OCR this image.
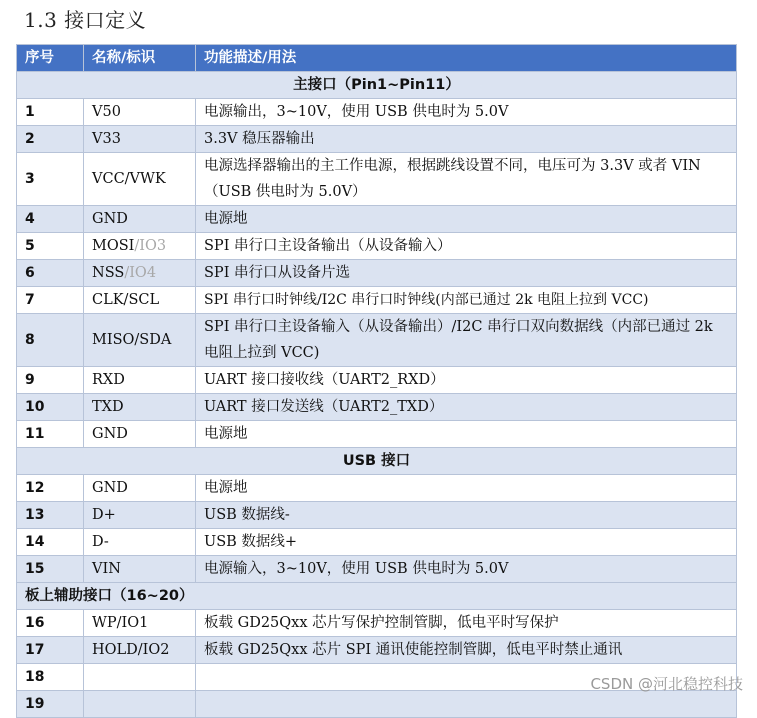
1.3 接口定义
序号	名称/标识	功能描述/用法
主接口（Pin1~Pin11）		
1	V50	电源输出，3~10V，使用 USB 供电时为 5.0V
2	V33	3.3V 稳压器输出
3	VCC/VWK	电源选择器输出的主工作电源，根据跳线设置不同，电压可为 3.3V 或者 VIN（USB 供电时为 5.0V）
4	GND	电源地
5	MOSI/IO3	SPI 串行口主设备输出（从设备输入）
6	NSS/IO4	SPI 串行口从设备片选
7	CLK/SCL	SPI 串行口时钟线/I2C 串行口时钟线(内部已通过 2k 电阻上拉到 VCC)
8	MISO/SDA	SPI 串行口主设备输入（从设备输出）/I2C 串行口双向数据线（内部已通过 2k 电阻上拉到 VCC)
9	RXD	UART 接口接收线（UART2_RXD）
10	TXD	UART 接口发送线（UART2_TXD）
11	GND	电源地
USB 接口		
12	GND	电源地
13	D+	USB 数据线-
14	D-	USB 数据线+
15	VIN	电源输入，3~10V，使用 USB 供电时为 5.0V
板上辅助接口（16~20）		
16	WP/IO1	板载 GD25Qxx 芯片写保护控制管脚，低电平时写保护
17	HOLD/IO2	板载 GD25Qxx 芯片 SPI 通讯使能控制管脚，低电平时禁止通讯
18		
19		
CSDN @河北稳控科技
